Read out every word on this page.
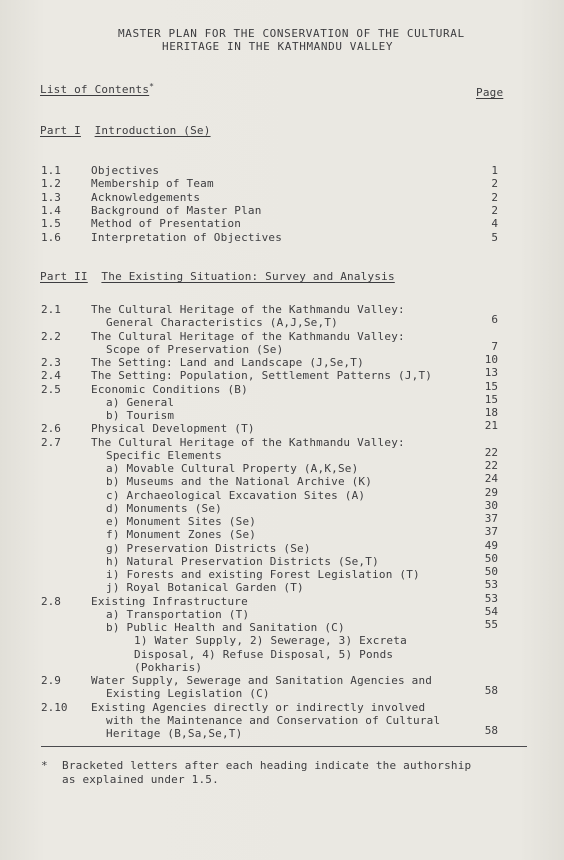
MASTER PLAN FOR THE CONSERVATION OF THE CULTURAL
HERITAGE IN THE KATHMANDU VALLEY
List of Contents*	Page
Part I Introduction (Se)
1.1	Objectives	1
1.2	Membership of Team	2
1.3	Acknowledgements	2
1.4	Background of Master Plan	2
1.5	Method of Presentation	4
1.6	Interpretation of Objectives	5
Part II The Existing Situation: Survey and Analysis
2.1	The Cultural Heritage of the Kathmandu Valley:
General Characteristics (A,J,Se,T)	6
2.2	The Cultural Heritage of the Kathmandu Valley:
Scope of Preservation (Se)	7
2.3	The Setting: Land and Landscape (J,Se,T)	10
2.4	The Setting: Population, Settlement Patterns (J,T)	13
2.5	Economic Conditions (B)	15
a) General	15
b) Tourism	18
2.6	Physical Development (T)	21
2.7	The Cultural Heritage of the Kathmandu Valley:
Specific Elements	22
a) Movable Cultural Property (A,K,Se)	22
b) Museums and the National Archive (K)	24
c) Archaeological Excavation Sites (A)	29
d) Monuments (Se)	30
e) Monument Sites (Se)	37
f) Monument Zones (Se)	37
g) Preservation Districts (Se)	49
h) Natural Preservation Districts (Se,T)	50
i) Forests and existing Forest Legislation (T)	50
j) Royal Botanical Garden (T)	53
2.8	Existing Infrastructure	53
a) Transportation (T)	54
b) Public Health and Sanitation (C)	55
1) Water Supply, 2) Sewerage, 3) Excreta
Disposal, 4) Refuse Disposal, 5) Ponds
(Pokharis)
2.9	Water Supply, Sewerage and Sanitation Agencies and
Existing Legislation (C)	58
2.10 Existing Agencies directly or indirectly involved
with the Maintenance and Conservation of Cultural
Heritage (B,Sa,Se,T)	58
* Bracketed letters after each heading indicate the authorship
as explained under 1.5.
